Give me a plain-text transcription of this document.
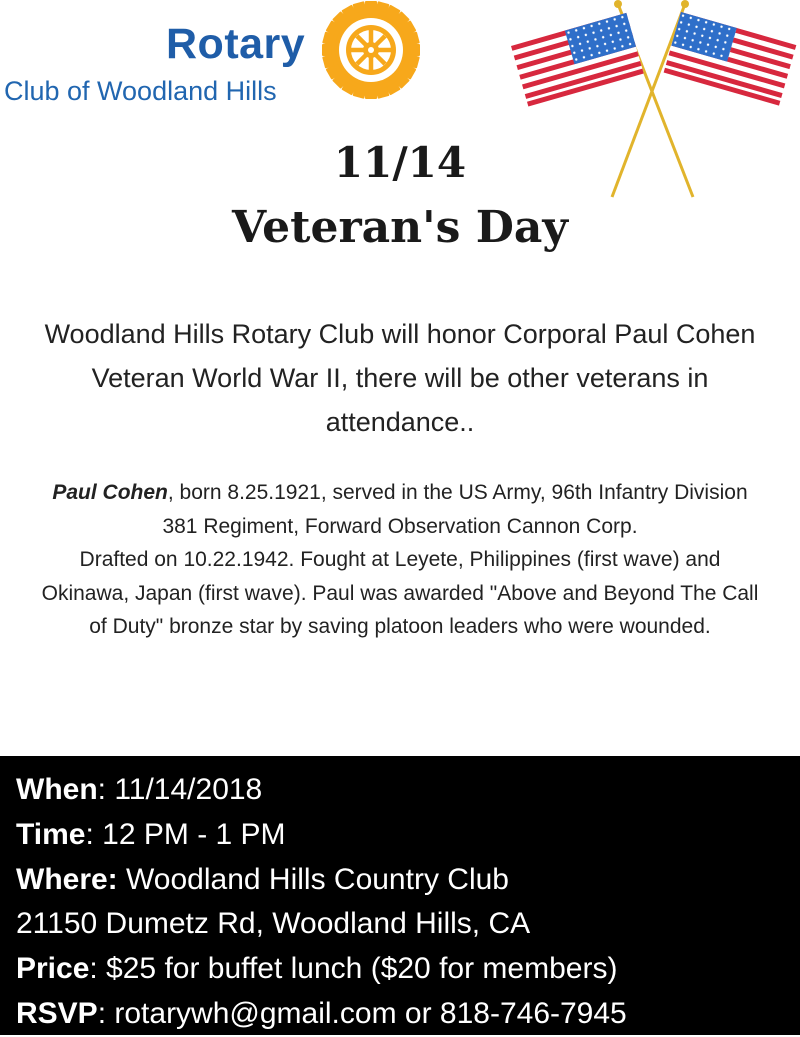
Rotary
Club of Woodland Hills
11/14
Veteran's Day
Woodland Hills Rotary Club will honor Corporal Paul Cohen Veteran World War II, there will be other veterans in attendance..
Paul Cohen, born 8.25.1921, served in the US Army, 96th Infantry Division 381 Regiment, Forward Observation Cannon Corp.
Drafted on 10.22.1942. Fought at Leyete, Philippines (first wave) and Okinawa, Japan (first wave). Paul was awarded "Above and Beyond The Call of Duty" bronze star by saving platoon leaders who were wounded.
When: 11/14/2018
Time: 12 PM - 1 PM
Where: Woodland Hills Country Club
21150 Dumetz Rd, Woodland Hills, CA
Price: $25 for buffet lunch ($20 for members)
RSVP: rotarywh@gmail.com or 818-746-7945
